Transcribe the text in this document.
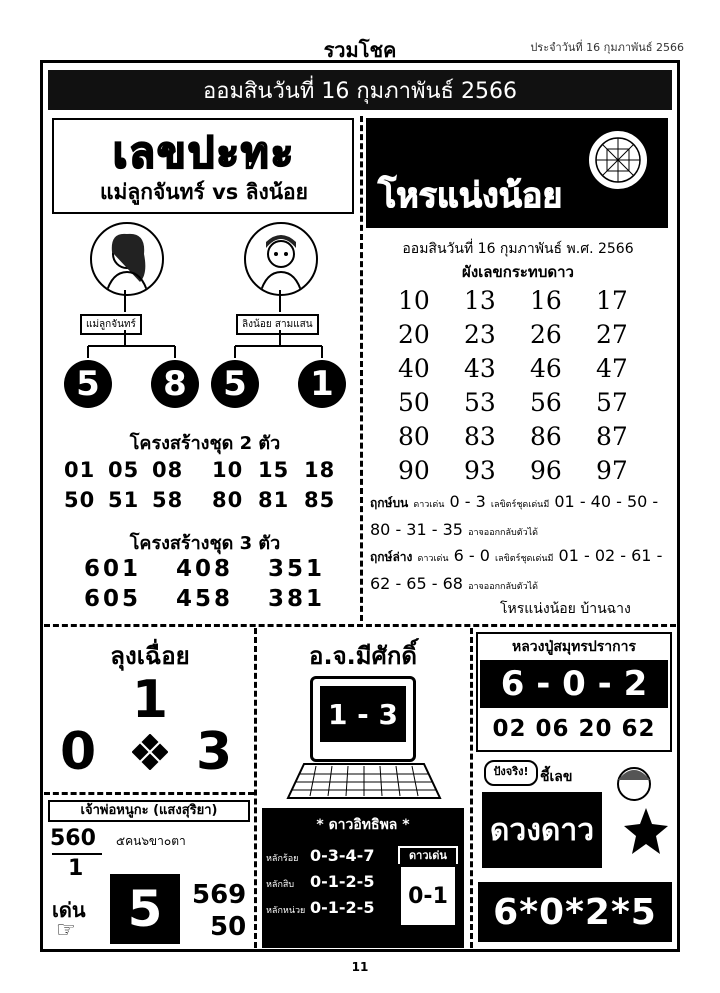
รวมโชค	ประจำวันที่ 16 กุมภาพันธ์ 2566
ออมสินวันที่ 16 กุมภาพันธ์ 2566
เลขปะทะ
แม่ลูกจันทร์ vs ลิงน้อย
แม่ลูกจันทร์	ลิงน้อย สามแสน
5	8	5	1
โครงสร้างชุด 2 ตัว
01 05 08	10 15 18
50 51 58	80 81 85
โครงสร้างชุด 3 ตัว
601	408	351
605	458	381
โหรแน่งน้อย
ออมสินวันที่ 16 กุมภาพันธ์ พ.ศ. 2566
ผังเลขกระทบดาว
10	13	16	17
20	23	26	27
40	43	46	47
50	53	56	57
80	83	86	87
90	93	96	97
ฤกษ์บน ดาวเด่น 0 - 3 เลขิตร์ชุดเด่นมี 01 - 40 - 50 -
80 - 31 - 35 อาจออกกลับตัวได้
ฤกษ์ล่าง ดาวเด่น 6 - 0 เลขิตร์ชุดเด่นมี 01 - 02 - 61 -
62 - 65 - 68 อาจออกกลับตัวได้
โหรแน่งน้อย บ้านฉาง
ลุงเฉื่อย
1
0 3
เจ้าพ่อหนูกะ (แสงสุริยา)
560
1
๕คน๖ขา๐ตา
เด่น
☞	5	569
50
อ.จ.มีศักดิ์
1 - 3
* ดาวอิทธิพล *
หลักร้อย 0-3-4-7
หลักสิบ 0-1-2-5
หลักหน่วย 0-1-2-5
ดาวเด่น
0-1
หลวงปู่สมุทรปราการ
6 - 0 - 2
02 06 20 62
ปังจริง! ชี้เลข
ดวงดาว
6*0*2*5
11
